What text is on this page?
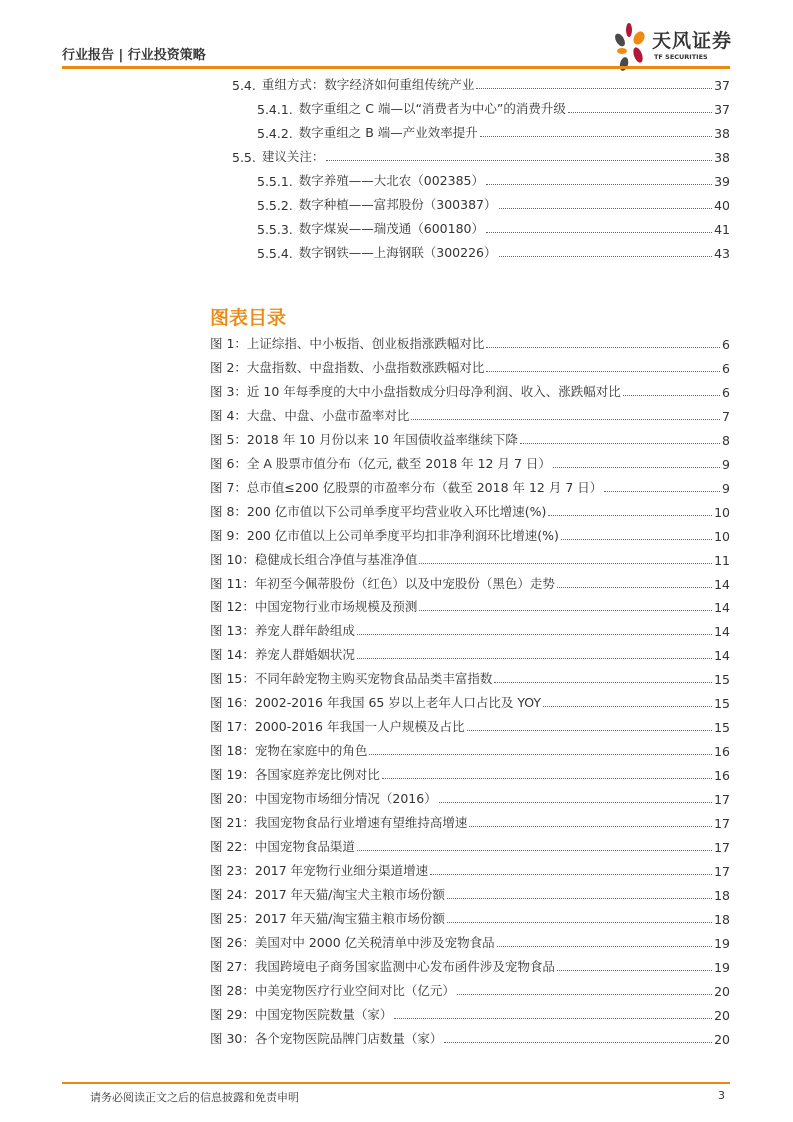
行业报告 | 行业投资策略
天风证券
TF SECURITIES
5.4. 重组方式：数字经济如何重组传统产业	37
5.4.1. 数字重组之 C 端—以“消费者为中心”的消费升级	37
5.4.2. 数字重组之 B 端—产业效率提升	38
5.5. 建议关注：	38
5.5.1. 数字养殖——大北农（002385）	39
5.5.2. 数字种植——富邦股份（300387）	40
5.5.3. 数字煤炭——瑞茂通（600180）	41
5.5.4. 数字钢铁——上海钢联（300226）	43
图表目录
图 1：上证综指、中小板指、创业板指涨跌幅对比	6
图 2：大盘指数、中盘指数、小盘指数涨跌幅对比	6
图 3：近 10 年每季度的大中小盘指数成分归母净利润、收入、涨跌幅对比	6
图 4：大盘、中盘、小盘市盈率对比	7
图 5：2018 年 10 月份以来 10 年国债收益率继续下降	8
图 6：全 A 股票市值分布（亿元, 截至 2018 年 12 月 7 日）	9
图 7：总市值≤200 亿股票的市盈率分布（截至 2018 年 12 月 7 日）	9
图 8：200 亿市值以下公司单季度平均营业收入环比增速(%)	10
图 9：200 亿市值以上公司单季度平均扣非净利润环比增速(%)	10
图 10：稳健成长组合净值与基准净值	11
图 11：年初至今佩蒂股份（红色）以及中宠股份（黑色）走势	14
图 12：中国宠物行业市场规模及预测	14
图 13：养宠人群年龄组成	14
图 14：养宠人群婚姻状况	14
图 15：不同年龄宠物主购买宠物食品品类丰富指数	15
图 16：2002-2016 年我国 65 岁以上老年人口占比及 YOY	15
图 17：2000-2016 年我国一人户规模及占比	15
图 18：宠物在家庭中的角色	16
图 19：各国家庭养宠比例对比	16
图 20：中国宠物市场细分情况（2016）	17
图 21：我国宠物食品行业增速有望维持高增速	17
图 22：中国宠物食品渠道	17
图 23：2017 年宠物行业细分渠道增速	17
图 24：2017 年天猫/淘宝犬主粮市场份额	18
图 25：2017 年天猫/淘宝猫主粮市场份额	18
图 26：美国对中 2000 亿关税清单中涉及宠物食品	19
图 27：我国跨境电子商务国家监测中心发布函件涉及宠物食品	19
图 28：中美宠物医疗行业空间对比（亿元）	20
图 29：中国宠物医院数量（家）	20
图 30：各个宠物医院品牌门店数量（家）	20
请务必阅读正文之后的信息披露和免责申明	3
